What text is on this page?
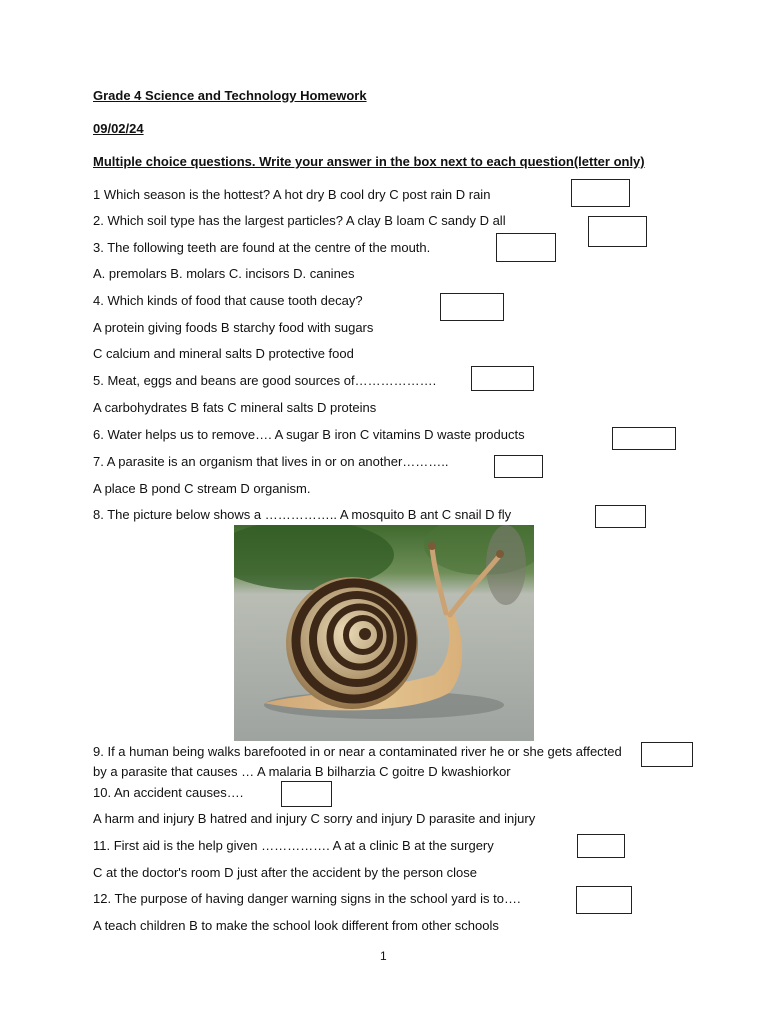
Grade 4 Science and Technology Homework
09/02/24
Multiple choice questions. Write your answer in the box next to each question(letter only)
1 Which season is the hottest? A hot dry B cool dry C post rain D rain
2. Which soil type has the largest particles? A clay B loam C sandy D all
3. The following teeth are found at the centre of the mouth.
A. premolars B. molars C. incisors D. canines
4. Which kinds of food that cause tooth decay?
A protein giving foods B starchy food with sugars
C calcium and mineral salts D protective food
5. Meat, eggs and beans are good sources of……………….
A carbohydrates B fats C mineral salts D proteins
6. Water helps us to remove…. A sugar B iron C vitamins D waste products
7. A parasite is an organism that lives in or on another………..
A place B pond C stream D organism.
8. The picture below shows a …………….. A mosquito B ant C snail D fly
9. If a human being walks barefooted in or near a contaminated river he or she gets affected
by a parasite that causes … A malaria B bilharzia C goitre D kwashiorkor
10. An accident causes….
A harm and injury B hatred and injury C sorry and injury D parasite and injury
11. First aid is the help given ……………. A at a clinic B at the surgery
C at the doctor's room D just after the accident by the person close
12. The purpose of having danger warning signs in the school yard is to….
A teach children B to make the school look different from other schools
1
